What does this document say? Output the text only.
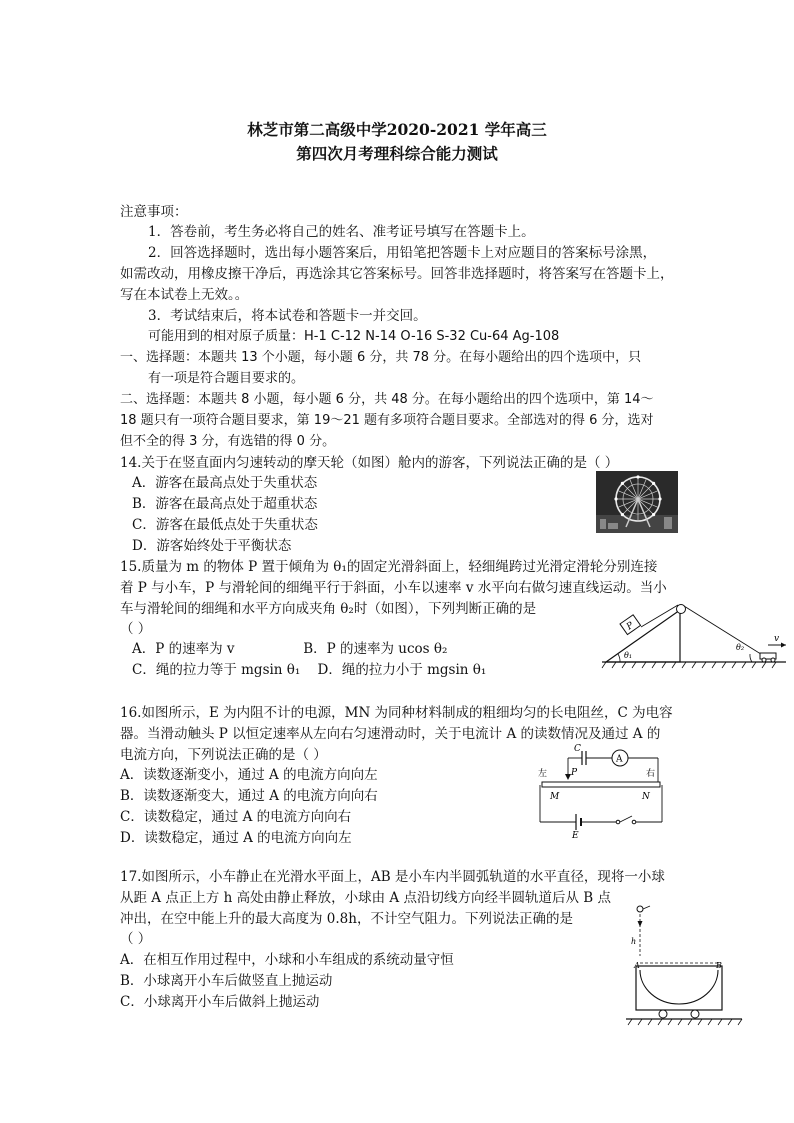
林芝市第二高级中学2020-2021 学年高三
第四次月考理科综合能力测试
注意事项：
1．答卷前，考生务必将自己的姓名、准考证号填写在答题卡上。
2．回答选择题时，选出每小题答案后，用铅笔把答题卡上对应题目的答案标号涂黑，
如需改动，用橡皮擦干净后，再选涂其它答案标号。回答非选择题时，将答案写在答题卡上，
写在本试卷上无效。。
3．考试结束后，将本试卷和答题卡一并交回。
可能用到的相对原子质量：H-1 C-12 N-14 O-16 S-32 Cu-64 Ag-108
一、选择题：本题共 13 个小题，每小题 6 分，共 78 分。在每小题给出的四个选项中，只
有一项是符合题目要求的。
二、选择题：本题共 8 小题，每小题 6 分，共 48 分。在每小题给出的四个选项中，第 14～
18 题只有一项符合题目要求，第 19～21 题有多项符合题目要求。全部选对的得 6 分，选对
但不全的得 3 分，有选错的得 0 分。
14.关于在竖直面内匀速转动的摩天轮（如图）舱内的游客，下列说法正确的是（ ）
A．游客在最高点处于失重状态
B．游客在最高点处于超重状态
C．游客在最低点处于失重状态
D．游客始终处于平衡状态
15.质量为 m 的物体 P 置于倾角为 θ₁的固定光滑斜面上，轻细绳跨过光滑定滑轮分别连接
着 P 与小车，P 与滑轮间的细绳平行于斜面，小车以速率 v 水平向右做匀速直线运动。当小
车与滑轮间的细绳和水平方向成夹角 θ₂时（如图），下列判断正确的是
（ ）
A．P 的速率为 v                B．P 的速率为 ucos θ₂
C．绳的拉力等于 mgsin θ₁    D．绳的拉力小于 mgsin θ₁
P
θ₁
θ₂
v
16.如图所示，E 为内阻不计的电源，MN 为同种材料制成的粗细均匀的长电阻丝，C 为电容
器。当滑动触头 P 以恒定速率从左向右匀速滑动时，关于电流计 A 的读数情况及通过 A 的
电流方向，下列说法正确的是（ ）
A．读数逐渐变小，通过 A 的电流方向向左
B．读数逐渐变大，通过 A 的电流方向向右
C．读数稳定，通过 A 的电流方向向右
D．读数稳定，通过 A 的电流方向向左
C
A
P
左	右
M	N
E
17.如图所示，小车静止在光滑水平面上，AB 是小车内半圆弧轨道的水平直径，现将一小球
从距 A 点正上方 h 高处由静止释放，小球由 A 点沿切线方向经半圆轨道后从 B 点
冲出，在空中能上升的最大高度为 0.8h，不计空气阻力。下列说法正确的是
（ ）
A．在相互作用过程中，小球和小车组成的系统动量守恒
B．小球离开小车后做竖直上抛运动
C．小球离开小车后做斜上抛运动
h
A	B
